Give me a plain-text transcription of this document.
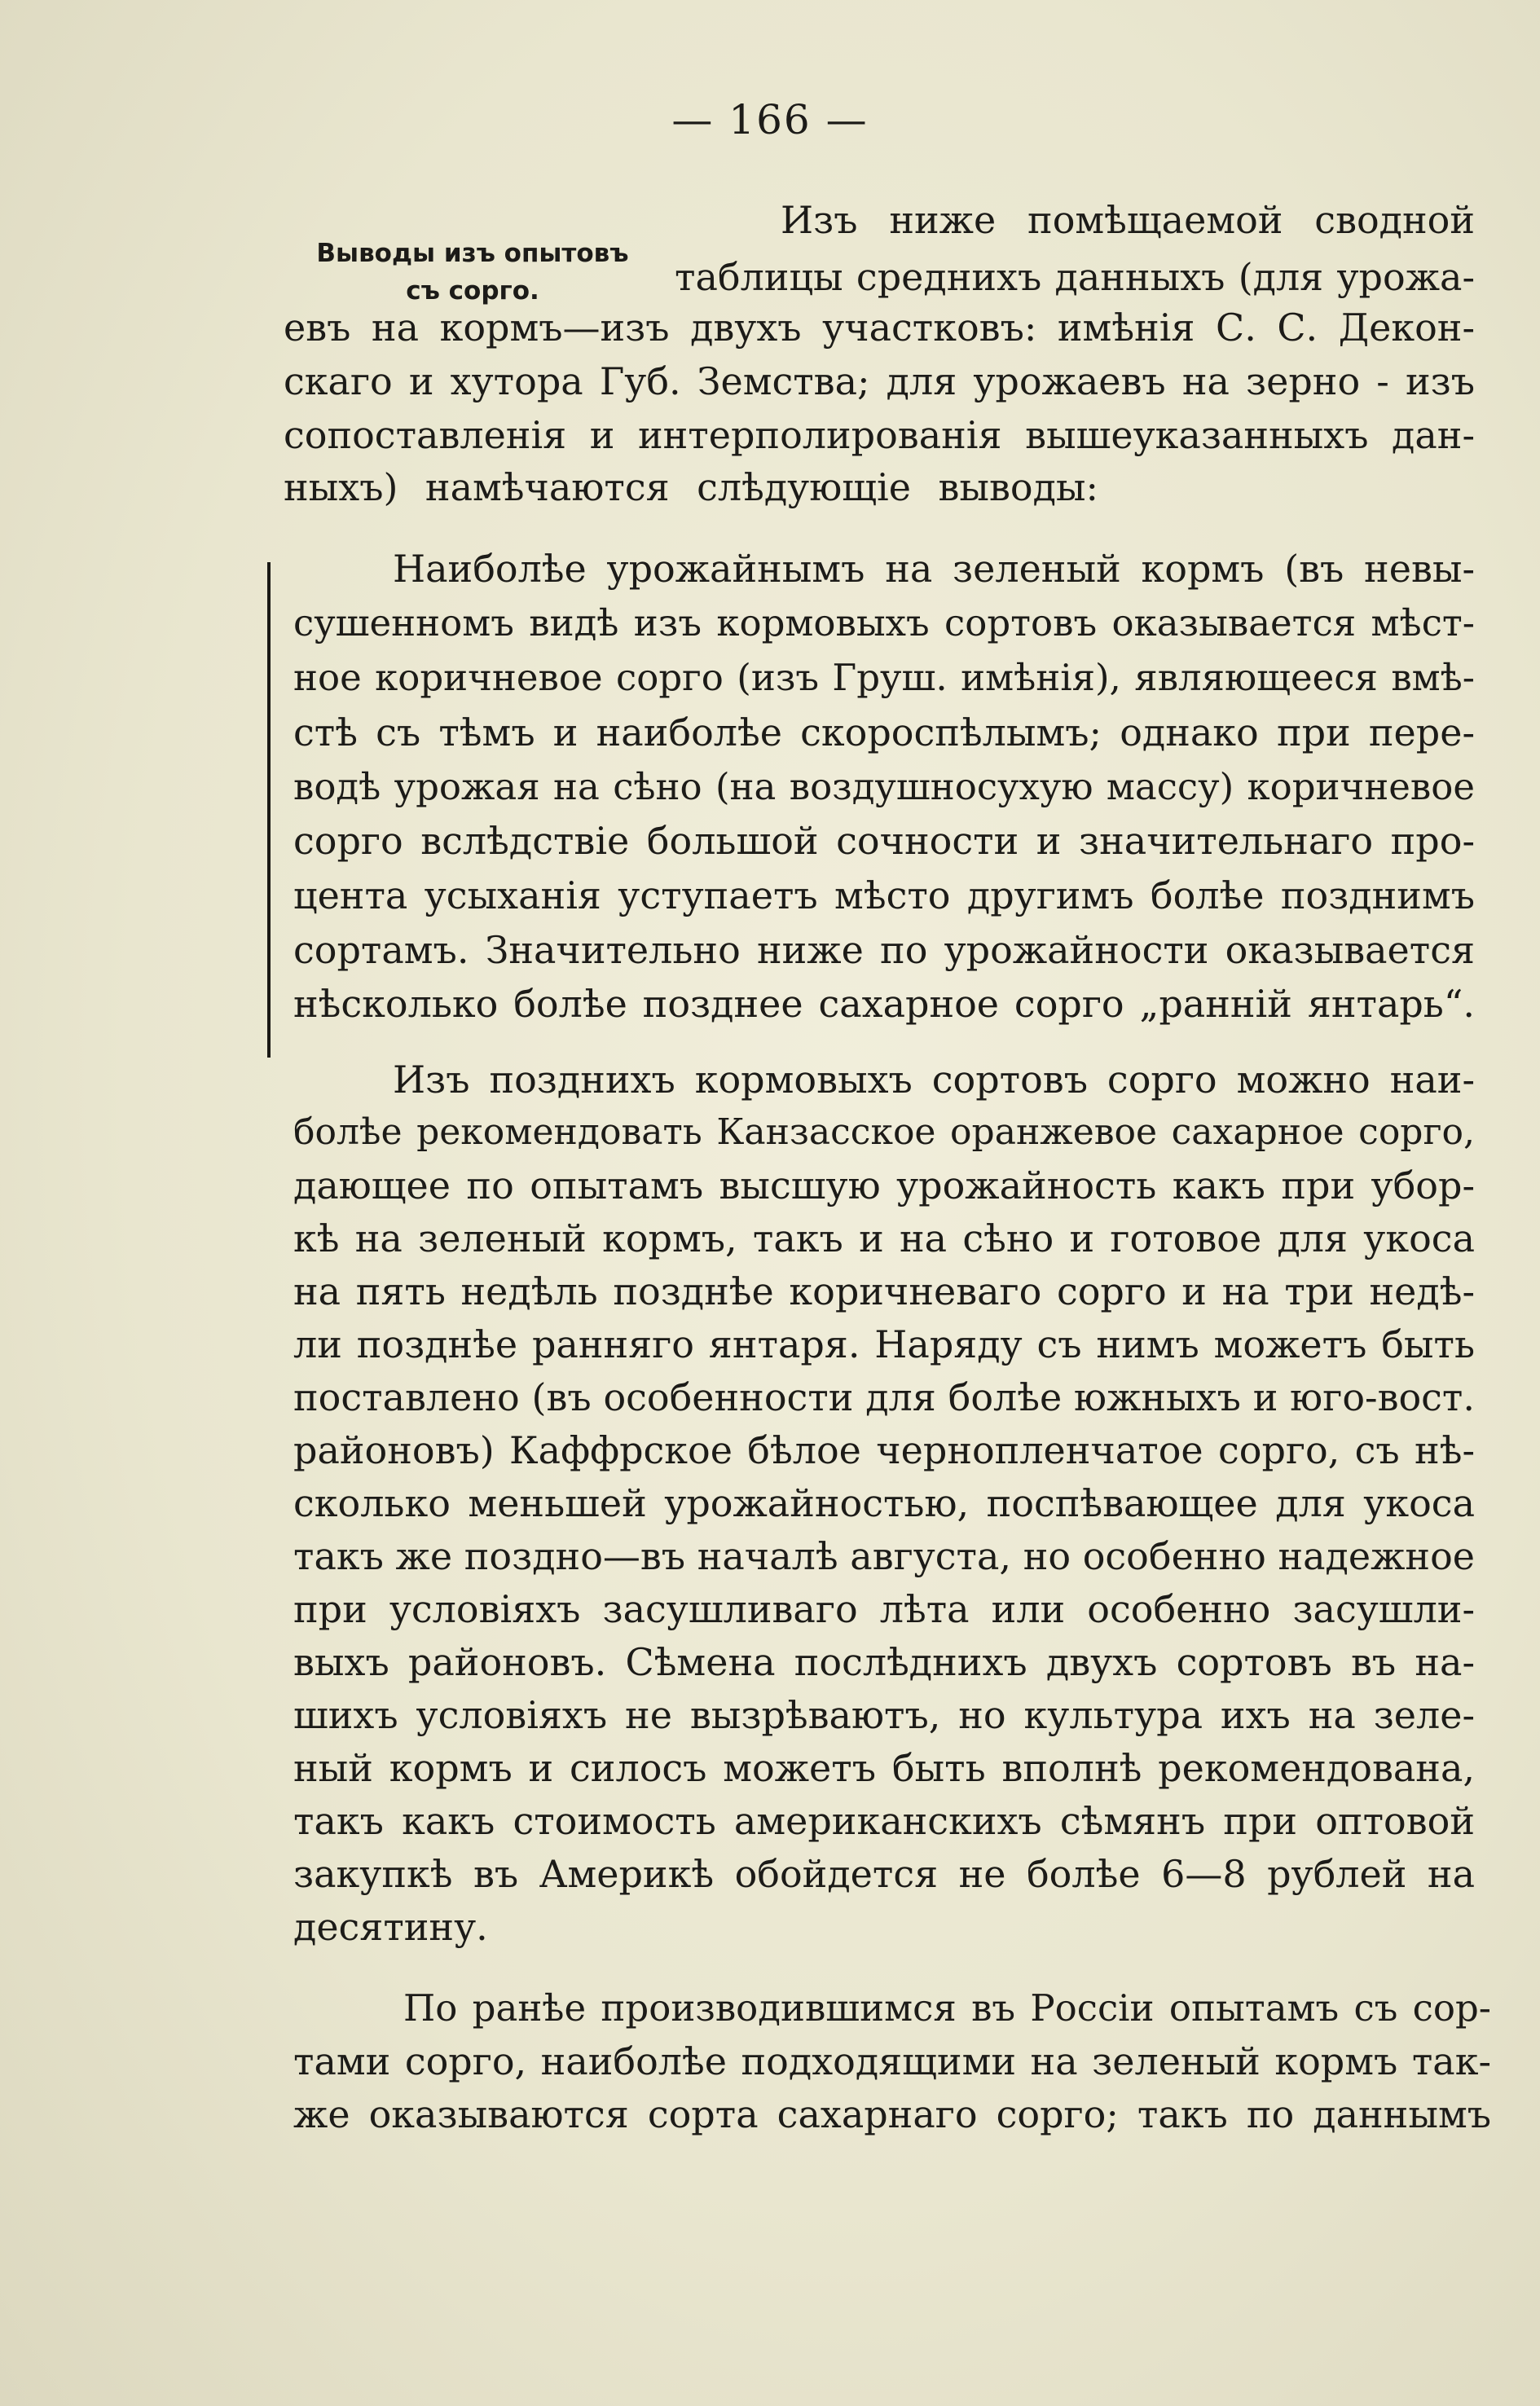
— 166 —
Выводы изъ опытовъ
съ сорго.
Изъ ниже помѣщаемой сводной
таблицы среднихъ данныхъ (для урожа-
евъ на кормъ—изъ двухъ участковъ: имѣнія С. С. Декон-
скаго и хутора Губ. Земства; для урожаевъ на зерно - изъ
сопоставленія и интерполированія вышеуказанныхъ дан-
ныхъ) намѣчаются слѣдующіе выводы:
Наиболѣе урожайнымъ на зеленый кормъ (въ невы-
сушенномъ видѣ изъ кормовыхъ сортовъ оказывается мѣст-
ное коричневое сорго (изъ Груш. имѣнія), являющееся вмѣ-
стѣ съ тѣмъ и наиболѣе скороспѣлымъ; однако при пере-
водѣ урожая на сѣно (на воздушносухую массу) коричневое
сорго вслѣдствіе большой сочности и значительнаго про-
цента усыханія уступаетъ мѣсто другимъ болѣе позднимъ
сортамъ. Значительно ниже по урожайности оказывается
нѣсколько болѣе позднее сахарное сорго „ранній янтарь“.
Изъ позднихъ кормовыхъ сортовъ сорго можно наи-
болѣе рекомендовать Канзасское оранжевое сахарное сорго,
дающее по опытамъ высшую урожайность какъ при убор-
кѣ на зеленый кормъ, такъ и на сѣно и готовое для укоса
на пять недѣль позднѣе коричневаго сорго и на три недѣ-
ли позднѣе ранняго янтаря. Наряду съ нимъ можетъ быть
поставлено (въ особенности для болѣе южныхъ и юго-вост.
районовъ) Каффрское бѣлое чернопленчатое сорго, съ нѣ-
сколько меньшей урожайностью, поспѣвающее для укоса
такъ же поздно—въ началѣ августа, но особенно надежное
при условіяхъ засушливаго лѣта или особенно засушли-
выхъ районовъ. Сѣмена послѣднихъ двухъ сортовъ въ на-
шихъ условіяхъ не вызрѣваютъ, но культура ихъ на зеле-
ный кормъ и силосъ можетъ быть вполнѣ рекомендована,
такъ какъ стоимость американскихъ сѣмянъ при оптовой
закупкѣ въ Америкѣ обойдется не болѣе 6—8 рублей на
десятину.
По ранѣе производившимся въ Россіи опытамъ съ сор-
тами сорго, наиболѣе подходящими на зеленый кормъ так-
же оказываются сорта сахарнаго сорго; такъ по даннымъ
